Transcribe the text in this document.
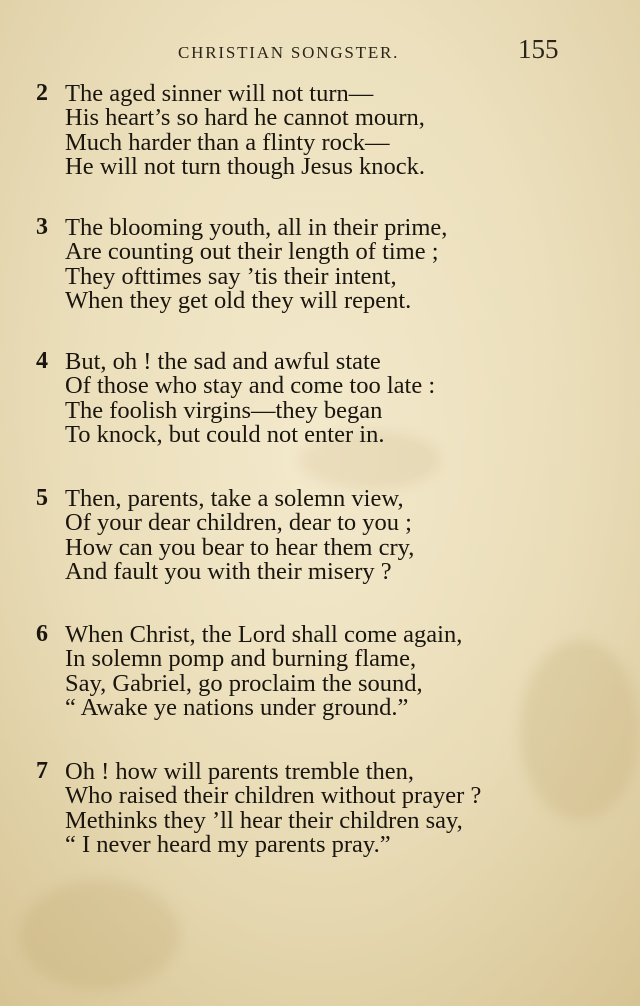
CHRISTIAN SONGSTER.	155
2 The aged sinner will not turn—
His heart’s so hard he cannot mourn,
Much harder than a flinty rock—
He will not turn though Jesus knock.
3 The blooming youth, all in their prime,
Are counting out their length of time ;
They ofttimes say ’tis their intent,
When they get old they will repent.
4 But, oh ! the sad and awful state
Of those who stay and come too late :
The foolish virgins—they began
To knock, but could not enter in.
5 Then, parents, take a solemn view,
Of your dear children, dear to you ;
How can you bear to hear them cry,
And fault you with their misery ?
6 When Christ, the Lord shall come again,
In solemn pomp and burning flame,
Say, Gabriel, go proclaim the sound,
“ Awake ye nations under ground.”
7 Oh ! how will parents tremble then,
Who raised their children without prayer ?
Methinks they ’ll hear their children say,
“ I never heard my parents pray.”
